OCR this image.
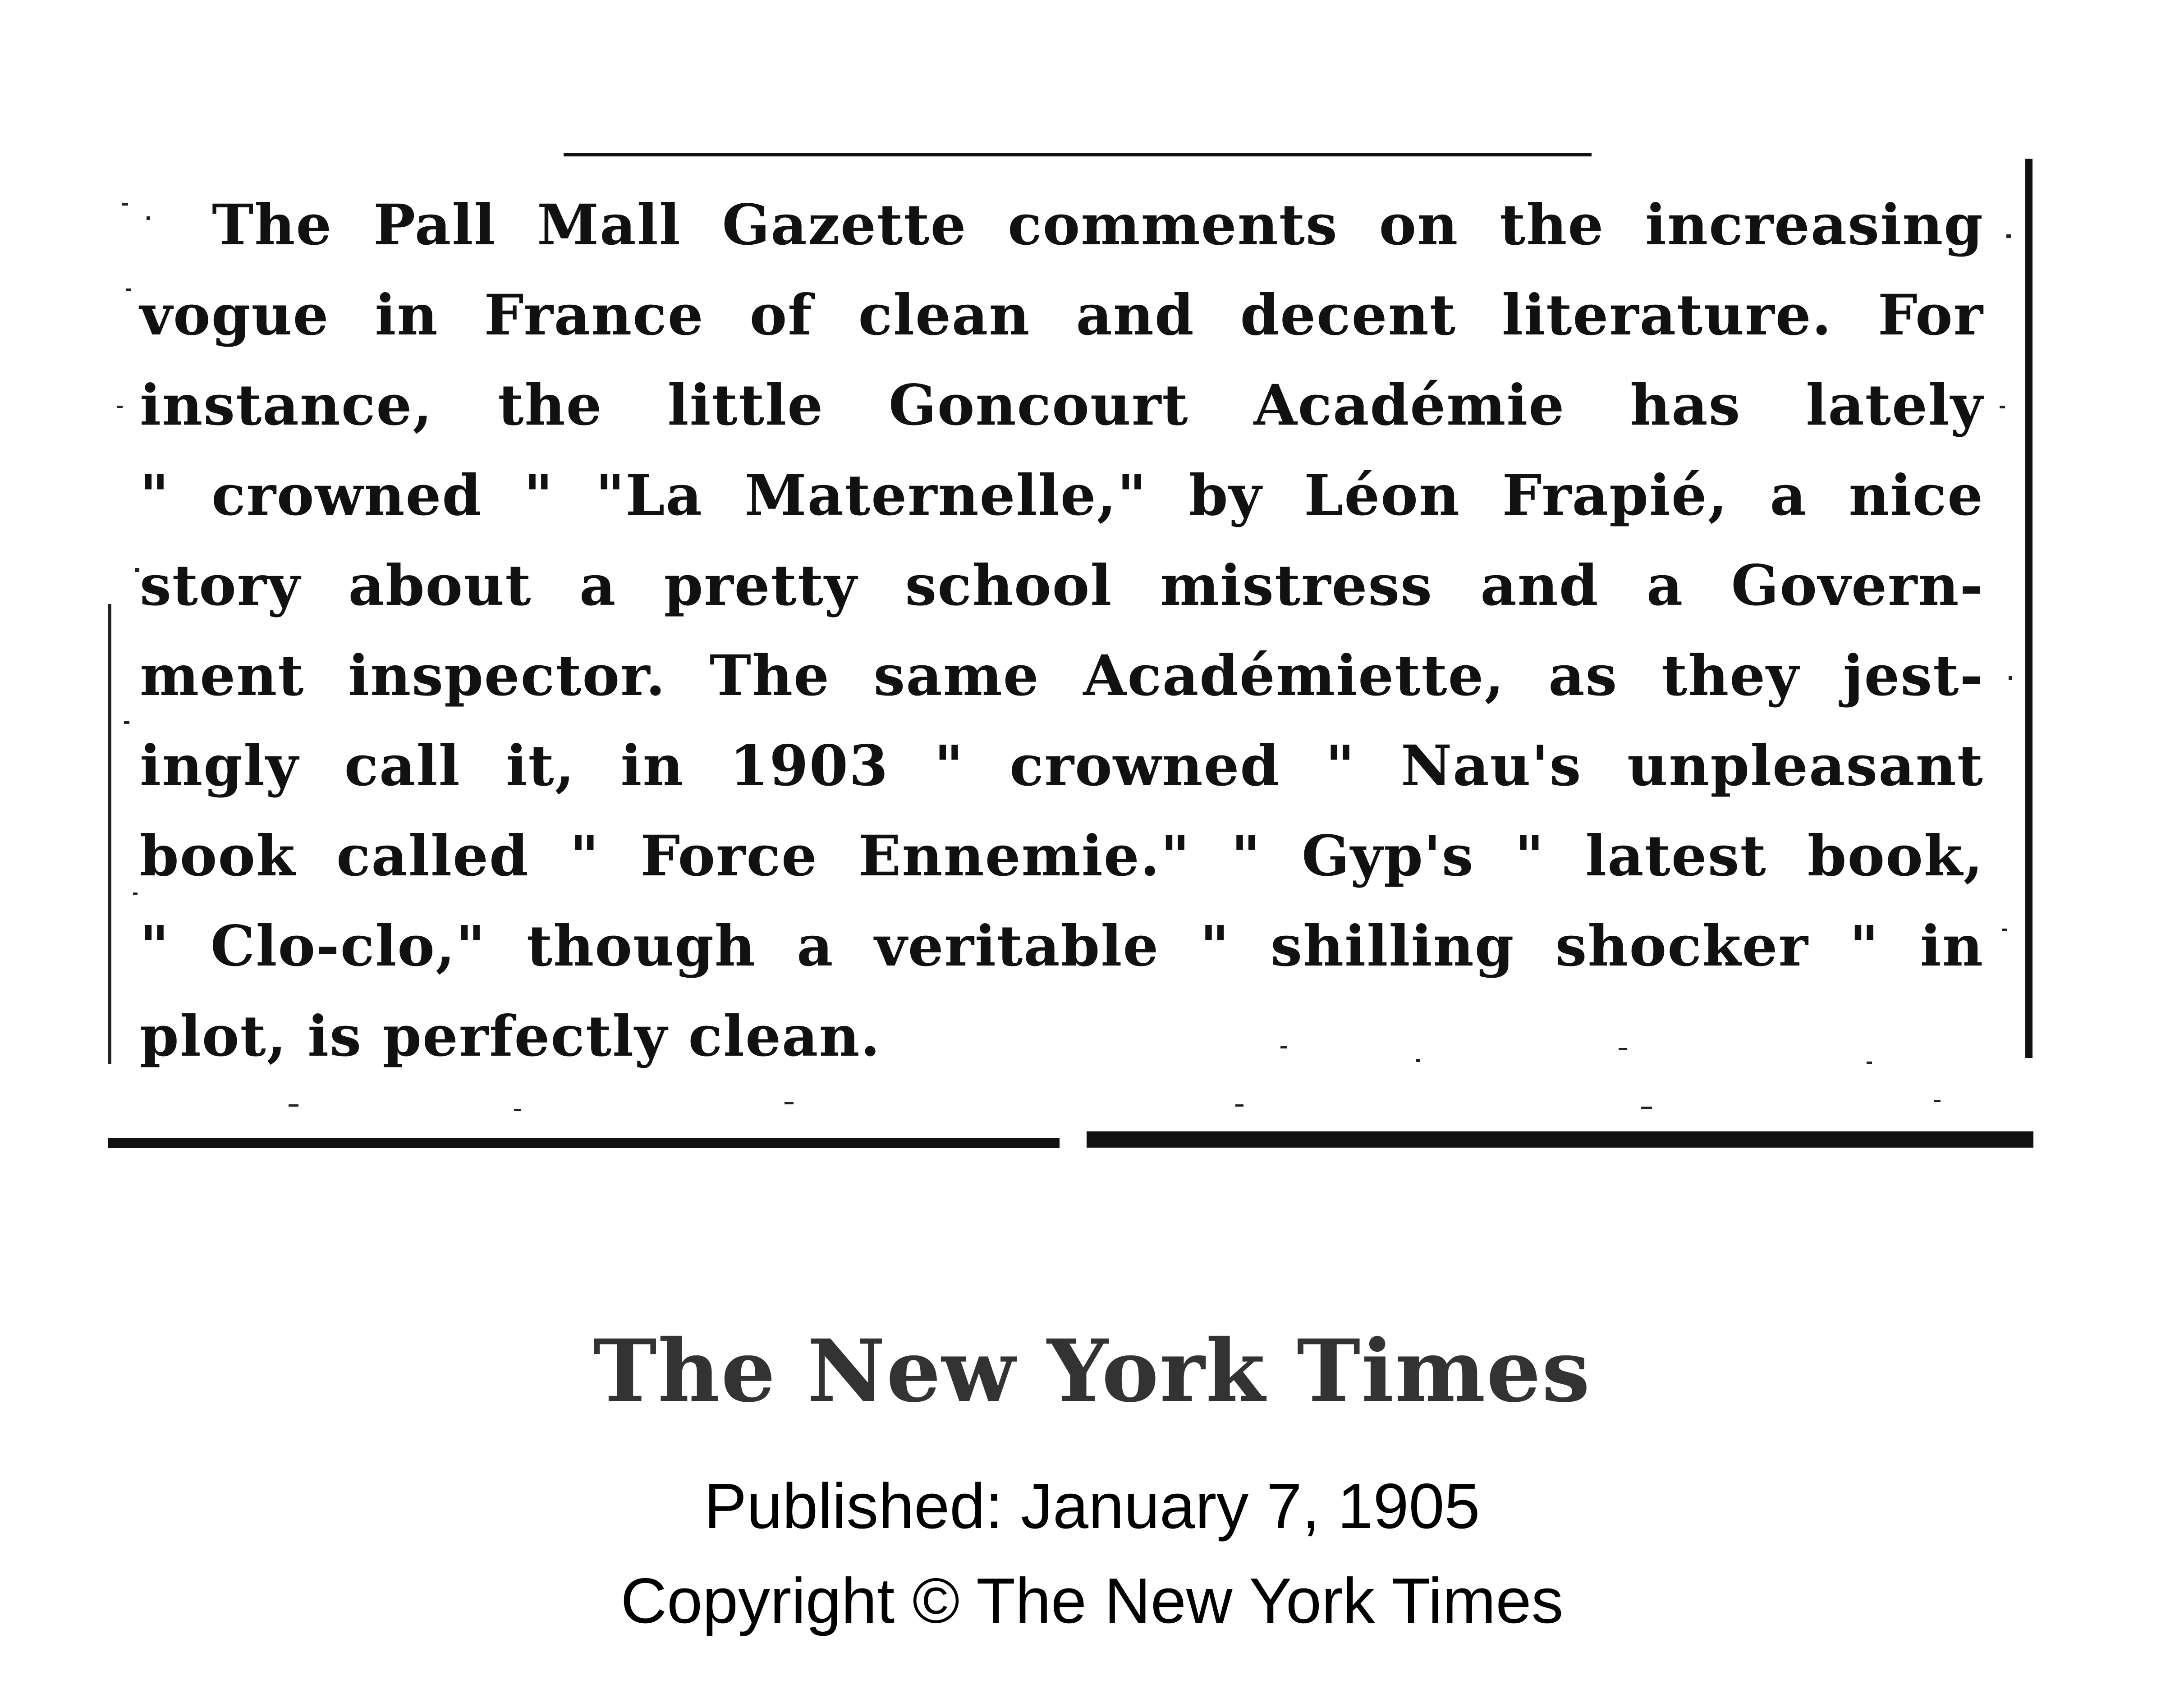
The Pall Mall Gazette comments on the increasing
vogue in France of clean and decent literature. For
instance, the little Goncourt Académie has lately
" crowned " "La Maternelle," by Léon Frapié, a nice
story about a pretty school mistress and a Govern-
ment inspector. The same Académiette, as they jest-
ingly call it, in 1903 " crowned " Nau's unpleasant
book called " Force Ennemie." " Gyp's " latest book,
" Clo-clo," though a veritable " shilling shocker " in
plot, is perfectly clean.
The New York Times
Published: January 7, 1905
Copyright © The New York Times
